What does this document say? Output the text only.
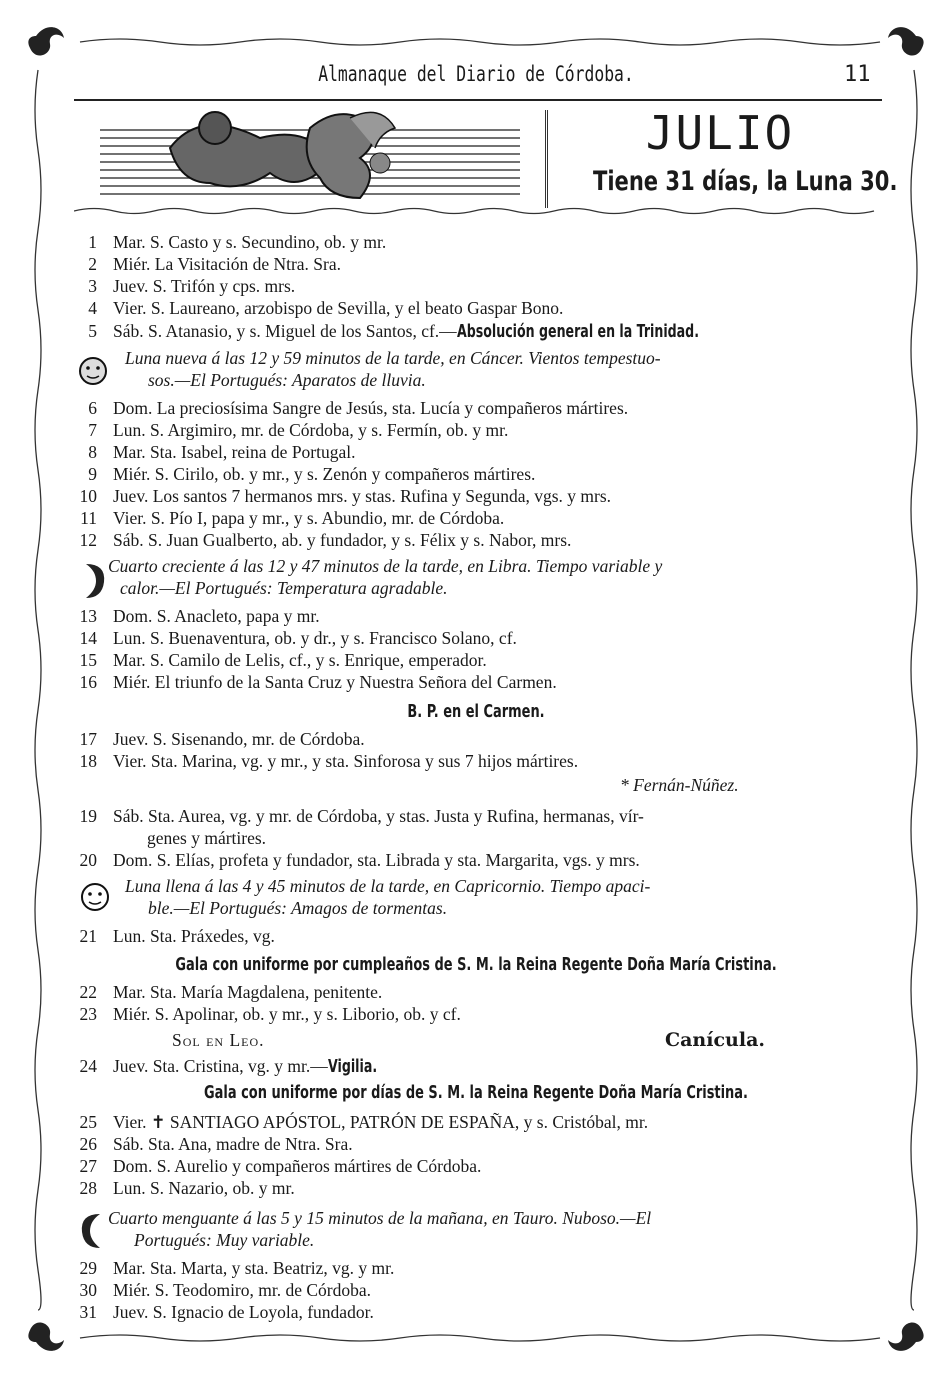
Almanaque del Diario de Córdoba.	11
JULIO
Tiene 31 días, la Luna 30.
1 Mar. S. Casto y s. Secundino, ob. y mr.
2 Miér. La Visitación de Ntra. Sra.
3 Juev. S. Trifón y cps. mrs.
4 Vier. S. Laureano, arzobispo de Sevilla, y el beato Gaspar Bono.
5 Sáb. S. Atanasio, y s. Miguel de los Santos, cf.—Absolución general en la Trinidad.
Luna nueva á las 12 y 59 minutos de la tarde, en Cáncer. Vientos tempestuo-
sos.—El Portugués: Aparatos de lluvia.
6 Dom. La preciosísima Sangre de Jesús, sta. Lucía y compañeros mártires.
7 Lun. S. Argimiro, mr. de Córdoba, y s. Fermín, ob. y mr.
8 Mar. Sta. Isabel, reina de Portugal.
9 Miér. S. Cirilo, ob. y mr., y s. Zenón y compañeros mártires.
10 Juev. Los santos 7 hermanos mrs. y stas. Rufina y Segunda, vgs. y mrs.
11 Vier. S. Pío I, papa y mr., y s. Abundio, mr. de Córdoba.
12 Sáb. S. Juan Gualberto, ab. y fundador, y s. Félix y s. Nabor, mrs.
Cuarto creciente á las 12 y 47 minutos de la tarde, en Libra. Tiempo variable y
calor.—El Portugués: Temperatura agradable.
13 Dom. S. Anacleto, papa y mr.
14 Lun. S. Buenaventura, ob. y dr., y s. Francisco Solano, cf.
15 Mar. S. Camilo de Lelis, cf., y s. Enrique, emperador.
16 Miér. El triunfo de la Santa Cruz y Nuestra Señora del Carmen.
B. P. en el Carmen.
17 Juev. S. Sisenando, mr. de Córdoba.
18 Vier. Sta. Marina, vg. y mr., y sta. Sinforosa y sus 7 hijos mártires.
* Fernán-Núñez.
19 Sáb. Sta. Aurea, vg. y mr. de Córdoba, y stas. Justa y Rufina, hermanas, vír-
genes y mártires.
20 Dom. S. Elías, profeta y fundador, sta. Librada y sta. Margarita, vgs. y mrs.
Luna llena á las 4 y 45 minutos de la tarde, en Capricornio. Tiempo apaci-
ble.—El Portugués: Amagos de tormentas.
21 Lun. Sta. Práxedes, vg.
Gala con uniforme por cumpleaños de S. M. la Reina Regente Doña María Cristina.
22 Mar. Sta. María Magdalena, penitente.
23 Miér. S. Apolinar, ob. y mr., y s. Liborio, ob. y cf.
Sol en Leo.	Canícula.
24 Juev. Sta. Cristina, vg. y mr.—Vigilia.
Gala con uniforme por días de S. M. la Reina Regente Doña María Cristina.
25 Vier. ✝ SANTIAGO APÓSTOL, PATRÓN DE ESPAÑA, y s. Cristóbal, mr.
26 Sáb. Sta. Ana, madre de Ntra. Sra.
27 Dom. S. Aurelio y compañeros mártires de Córdoba.
28 Lun. S. Nazario, ob. y mr.
Cuarto menguante á las 5 y 15 minutos de la mañana, en Tauro. Nuboso.—El
Portugués: Muy variable.
29 Mar. Sta. Marta, y sta. Beatriz, vg. y mr.
30 Miér. S. Teodomiro, mr. de Córdoba.
31 Juev. S. Ignacio de Loyola, fundador.
